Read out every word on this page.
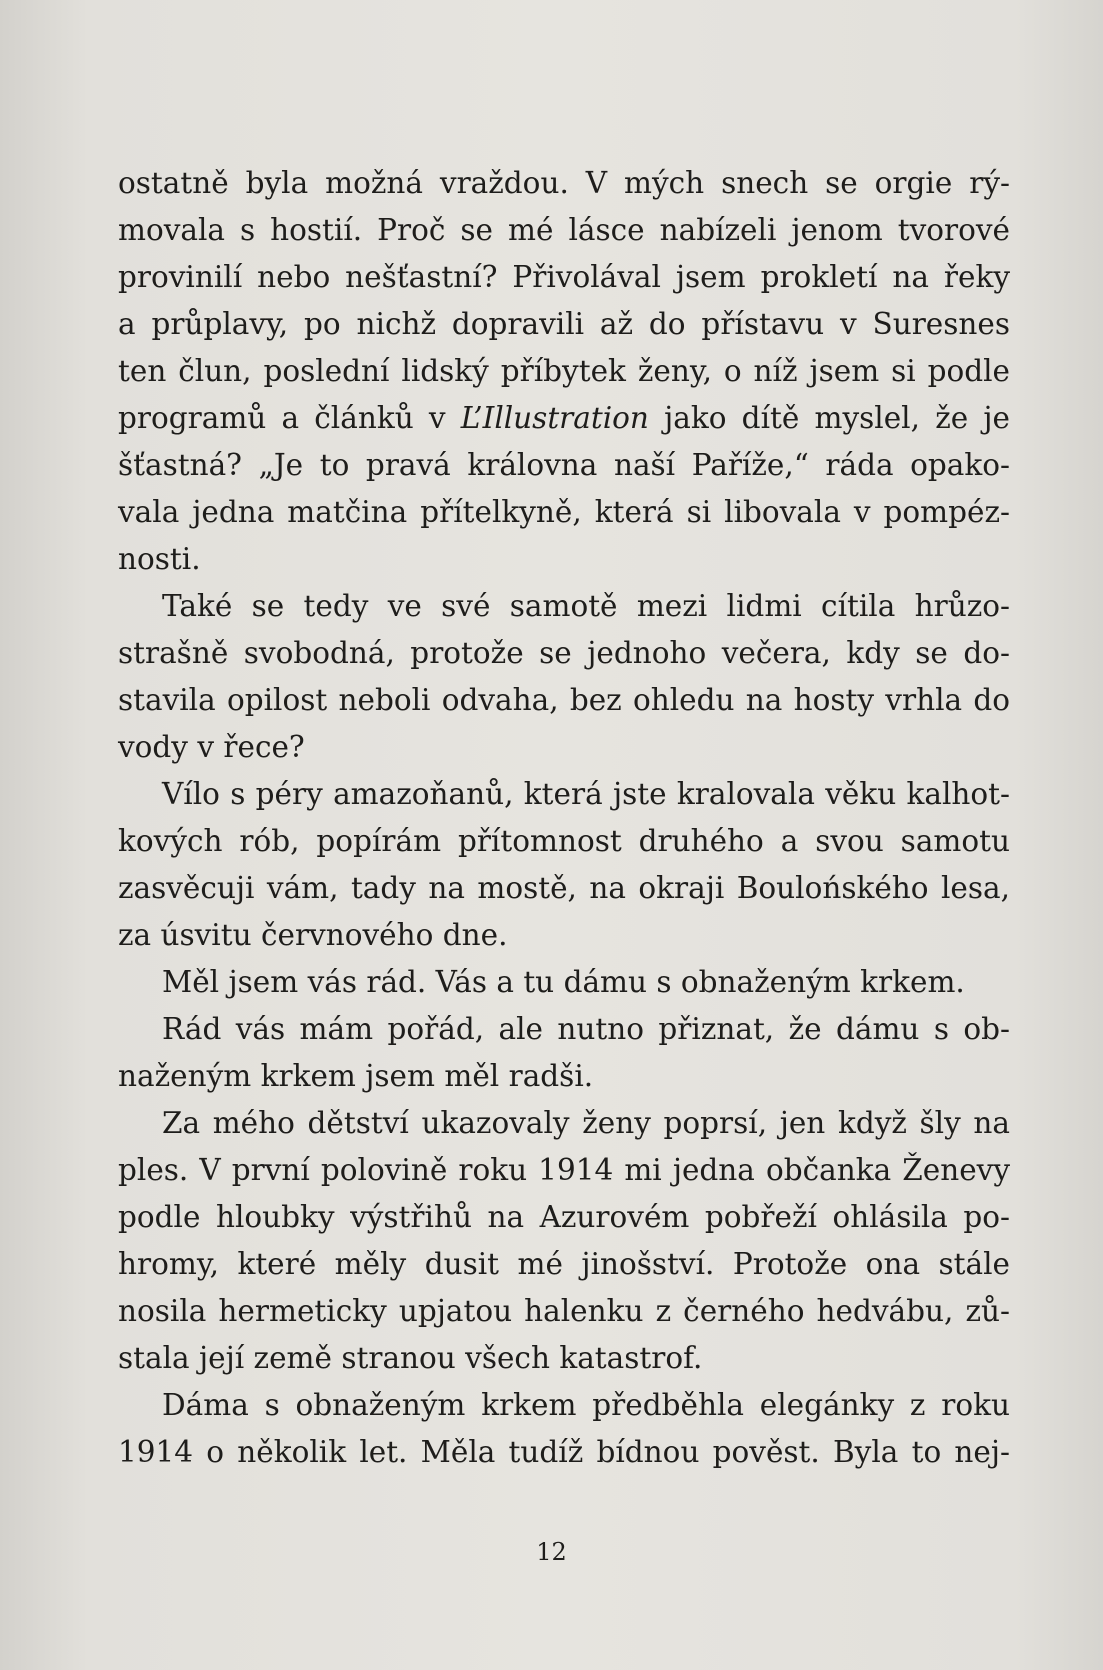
ostatně byla možná vraždou. V mých snech se orgie rý-
movala s hostií. Proč se mé lásce nabízeli jenom tvorové
provinilí nebo nešťastní? Přivolával jsem prokletí na řeky
a průplavy, po nichž dopravili až do přístavu v Suresnes
ten člun, poslední lidský příbytek ženy, o níž jsem si podle
programů a článků v L’Illustration jako dítě myslel, že je
šťastná? „Je to pravá královna naší Paříže,“ ráda opako-
vala jedna matčina přítelkyně, která si libovala v pompéz-
nosti.
Také se tedy ve své samotě mezi lidmi cítila hrůzo-
strašně svobodná, protože se jednoho večera, kdy se do-
stavila opilost neboli odvaha, bez ohledu na hosty vrhla do
vody v řece?
Vílo s péry amazoňanů, která jste kralovala věku kalhot-
kových rób, popírám přítomnost druhého a svou samotu
zasvěcuji vám, tady na mostě, na okraji Boulońského lesa,
za úsvitu červnového dne.
Měl jsem vás rád. Vás a tu dámu s obnaženým krkem.
Rád vás mám pořád, ale nutno přiznat, že dámu s ob-
naženým krkem jsem měl radši.
Za mého dětství ukazovaly ženy poprsí, jen když šly na
ples. V první polovině roku 1914 mi jedna občanka Ženevy
podle hloubky výstřihů na Azurovém pobřeží ohlásila po-
hromy, které měly dusit mé jinošství. Protože ona stále
nosila hermeticky upjatou halenku z černého hedvábu, zů-
stala její země stranou všech katastrof.
Dáma s obnaženým krkem předběhla elegánky z roku
1914 o několik let. Měla tudíž bídnou pověst. Byla to nej-
12
